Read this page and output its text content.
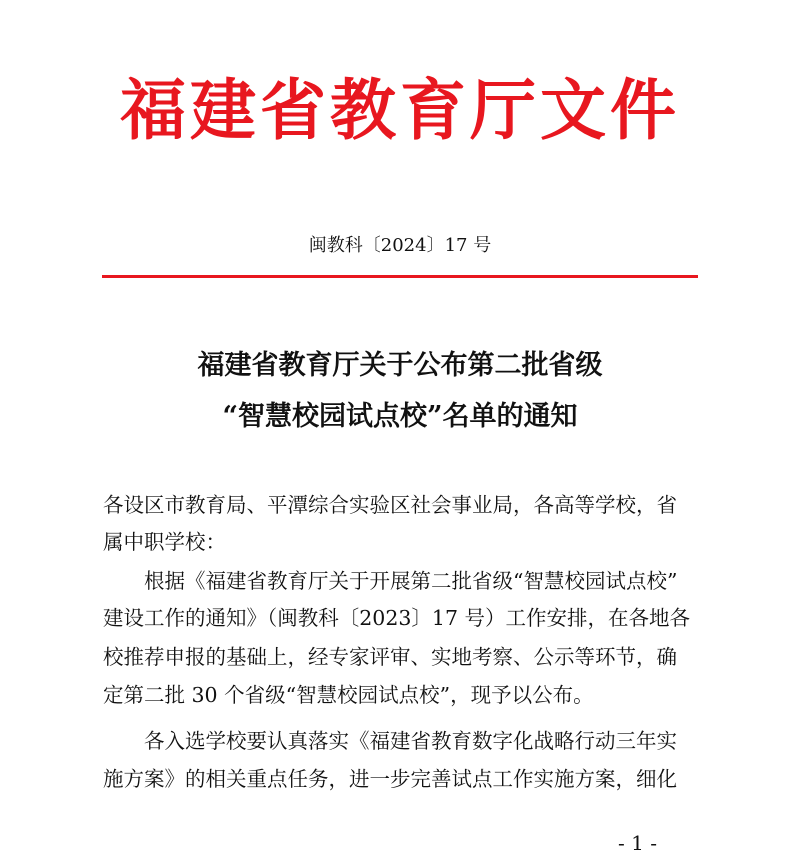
福建省教育厅文件
闽教科〔2024〕17 号
福建省教育厅关于公布第二批省级
“智慧校园试点校”名单的通知
各设区市教育局、平潭综合实验区社会事业局，各高等学校，省
属中职学校：
　　根据《福建省教育厅关于开展第二批省级“智慧校园试点校”
建设工作的通知》（闽教科〔2023〕17 号）工作安排，在各地各
校推荐申报的基础上，经专家评审、实地考察、公示等环节，确
定第二批 30 个省级“智慧校园试点校”，现予以公布。
　　各入选学校要认真落实《福建省教育数字化战略行动三年实
施方案》的相关重点任务，进一步完善试点工作实施方案，细化
- 1 -
